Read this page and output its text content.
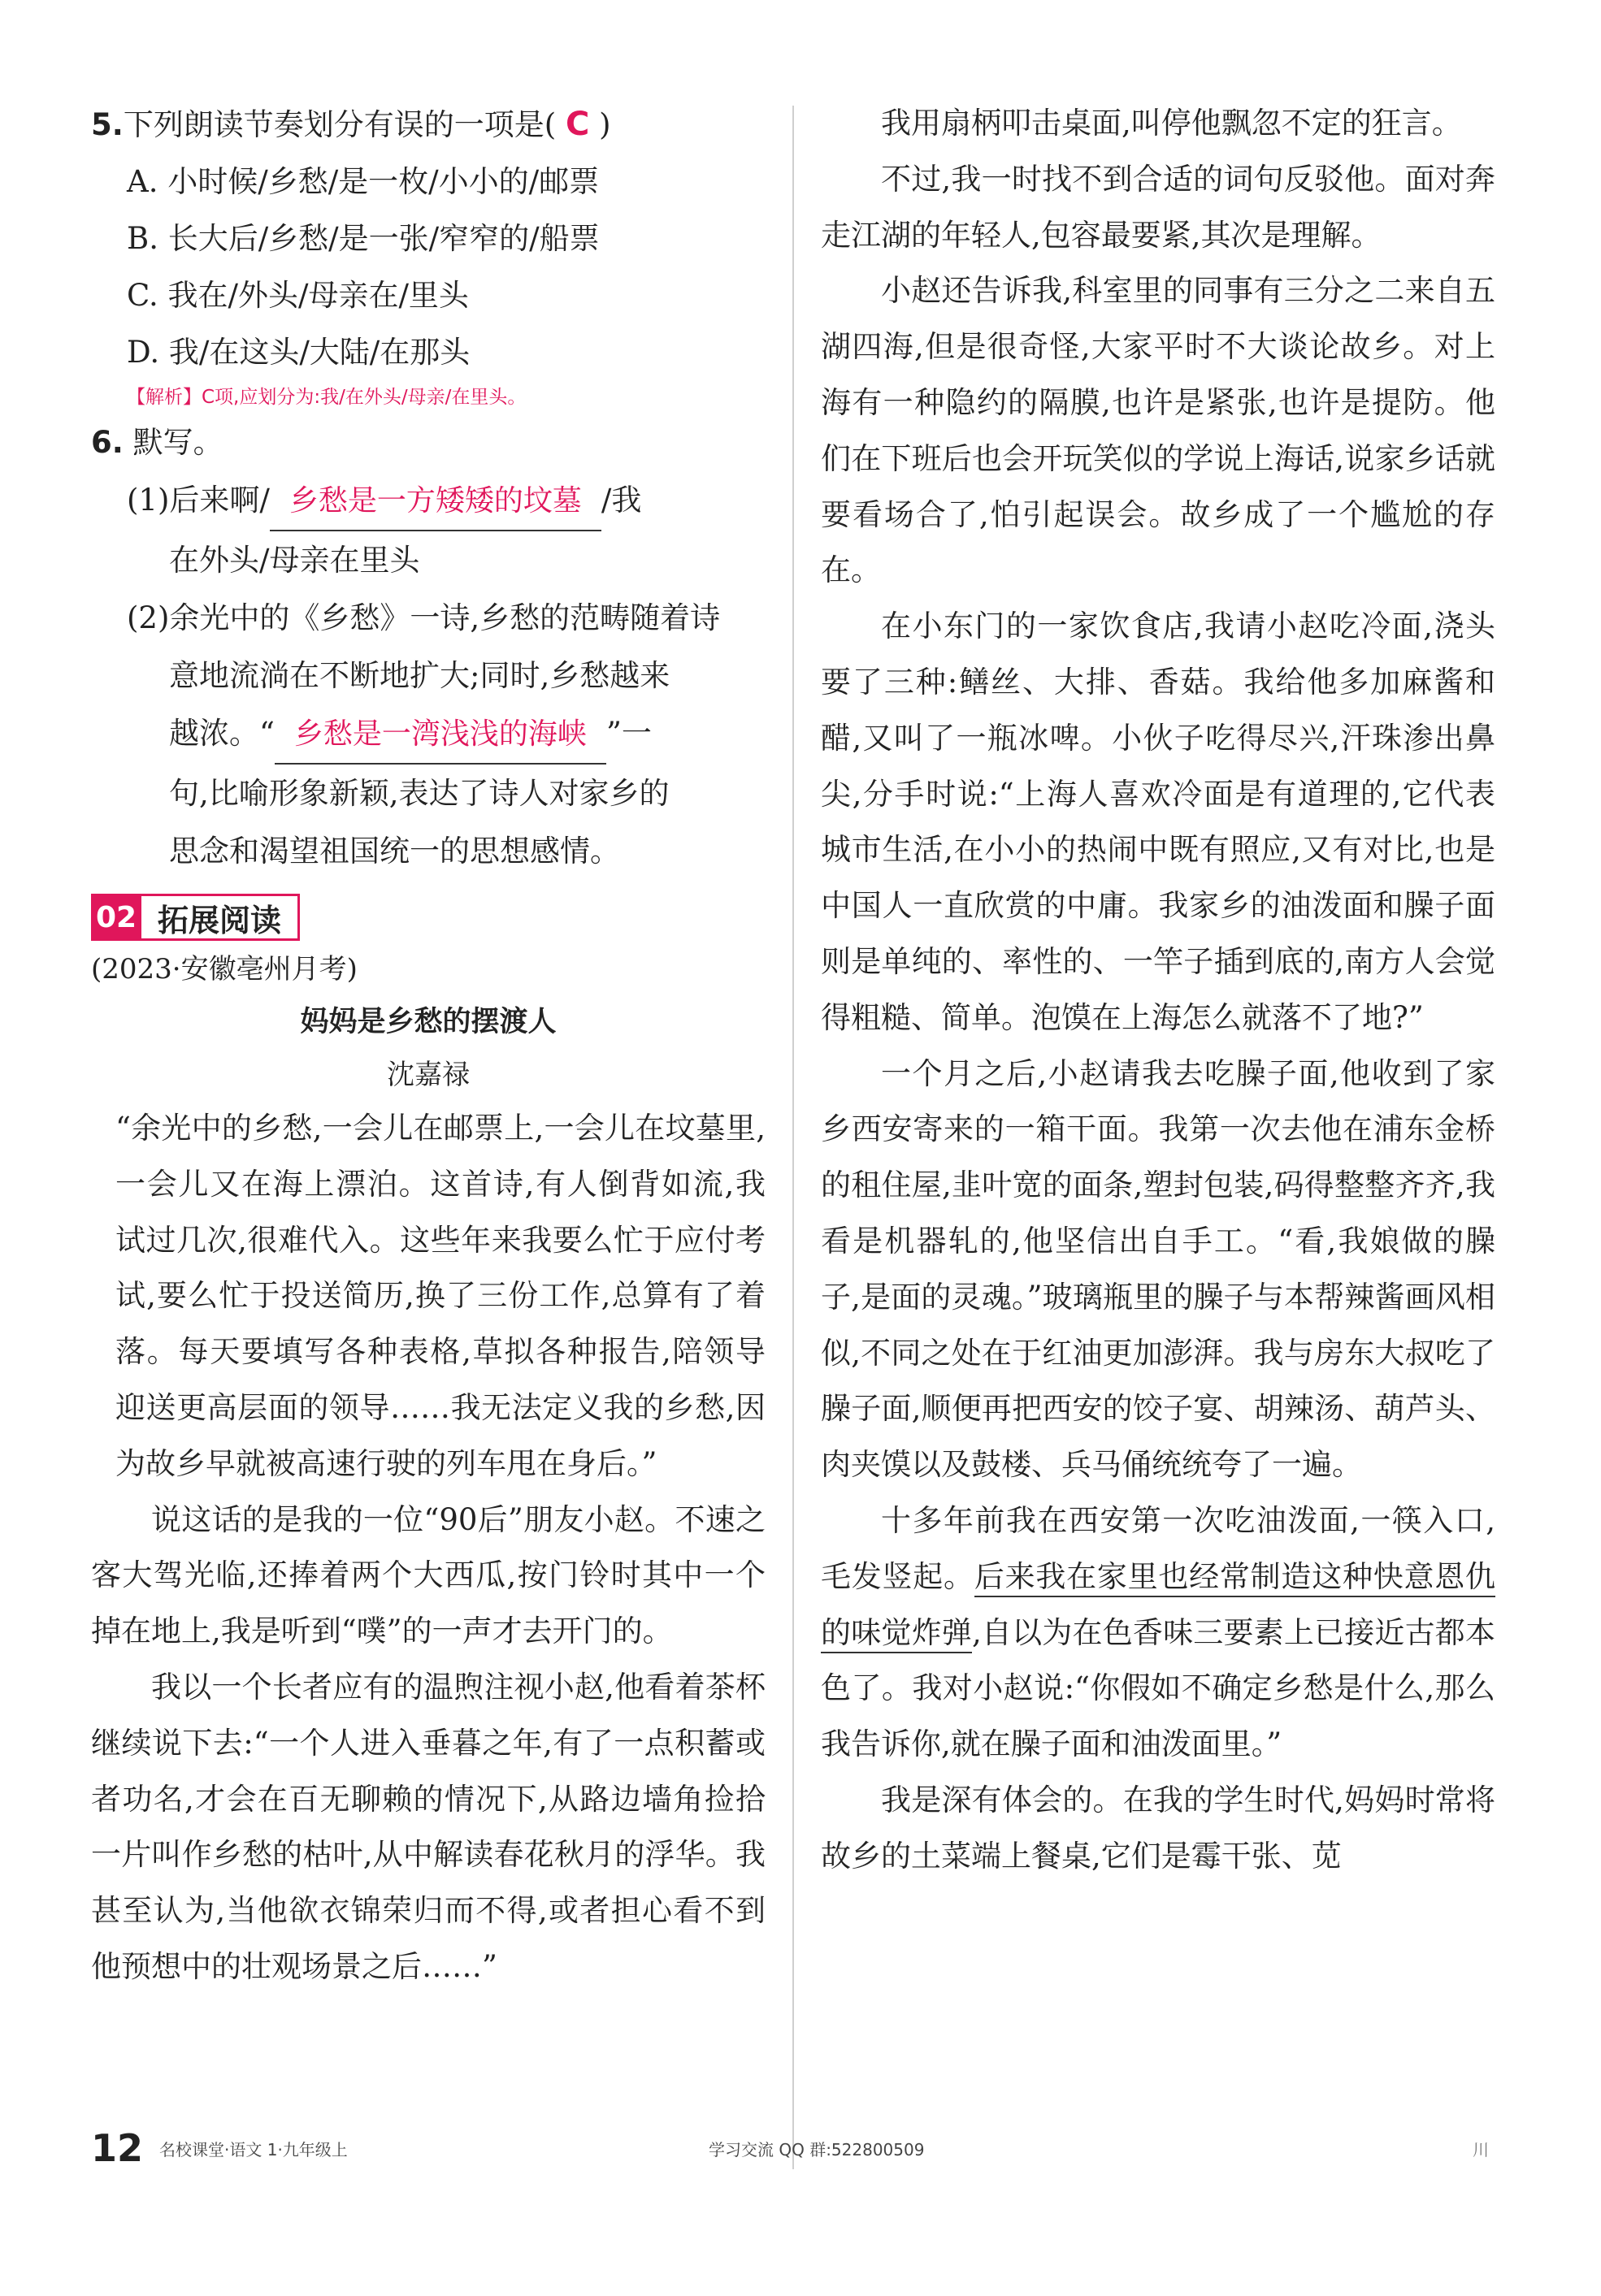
5.下列朗读节奏划分有误的一项是( C )
A. 小时候/乡愁/是一枚/小小的/邮票
B. 长大后/乡愁/是一张/窄窄的/船票
C. 我在/外头/母亲在/里头
D. 我/在这头/大陆/在那头
【解析】C项,应划分为:我/在外头/母亲/在里头。
6. 默写。
(1)后来啊/ 乡愁是一方矮矮的坟墓 /我
在外头/母亲在里头
(2)余光中的《乡愁》一诗,乡愁的范畴随着诗
意地流淌在不断地扩大;同时,乡愁越来
越浓。“ 乡愁是一湾浅浅的海峡 ”一
句,比喻形象新颖,表达了诗人对家乡的
思念和渴望祖国统一的思想感情。
02 拓展阅读
(2023·安徽亳州月考)
妈妈是乡愁的摆渡人
沈嘉禄

“余光中的乡愁,一会儿在邮票上,一会儿在坟墓里,一会儿又在海上漂泊。这首诗,有人倒背如流,我试过几次,很难代入。这些年来我要么忙于应付考试,要么忙于投送简历,换了三份工作,总算有了着落。每天要填写各种表格,草拟各种报告,陪领导迎送更高层面的领导……我无法定义我的乡愁,因为故乡早就被高速行驶的列车甩在身后。”

说这话的是我的一位“90后”朋友小赵。不速之客大驾光临,还捧着两个大西瓜,按门铃时其中一个掉在地上,我是听到“噗”的一声才去开门的。

我以一个长者应有的温煦注视小赵,他看着茶杯继续说下去:“一个人进入垂暮之年,有了一点积蓄或者功名,才会在百无聊赖的情况下,从路边墙角捡拾一片叫作乡愁的枯叶,从中解读春花秋月的浮华。我甚至认为,当他欲衣锦荣归而不得,或者担心看不到他预想中的壮观场景之后……”

我用扇柄叩击桌面,叫停他飘忽不定的狂言。

不过,我一时找不到合适的词句反驳他。面对奔走江湖的年轻人,包容最要紧,其次是理解。

小赵还告诉我,科室里的同事有三分之二来自五湖四海,但是很奇怪,大家平时不大谈论故乡。对上海有一种隐约的隔膜,也许是紧张,也许是提防。他们在下班后也会开玩笑似的学说上海话,说家乡话就要看场合了,怕引起误会。故乡成了一个尴尬的存在。

在小东门的一家饮食店,我请小赵吃冷面,浇头要了三种:鳝丝、大排、香菇。我给他多加麻酱和醋,又叫了一瓶冰啤。小伙子吃得尽兴,汗珠渗出鼻尖,分手时说:“上海人喜欢冷面是有道理的,它代表城市生活,在小小的热闹中既有照应,又有对比,也是中国人一直欣赏的中庸。我家乡的油泼面和臊子面则是单纯的、率性的、一竿子插到底的,南方人会觉得粗糙、简单。泡馍在上海怎么就落不了地?”

一个月之后,小赵请我去吃臊子面,他收到了家乡西安寄来的一箱干面。我第一次去他在浦东金桥的租住屋,韭叶宽的面条,塑封包装,码得整整齐齐,我看是机器轧的,他坚信出自手工。“看,我娘做的臊子,是面的灵魂。”玻璃瓶里的臊子与本帮辣酱画风相似,不同之处在于红油更加澎湃。我与房东大叔吃了臊子面,顺便再把西安的饺子宴、胡辣汤、葫芦头、肉夹馍以及鼓楼、兵马俑统统夸了一遍。

十多年前我在西安第一次吃油泼面,一筷入口,毛发竖起。后来我在家里也经常制造这种快意恩仇的味觉炸弹,自以为在色香味三要素上已接近古都本色了。我对小赵说:“你假如不确定乡愁是什么,那么我告诉你,就在臊子面和油泼面里。”

我是深有体会的。在我的学生时代,妈妈时常将故乡的土菜端上餐桌,它们是霉干张、苋

12 名校课堂·语文 1·九年级上	学习交流 QQ 群:522800509	川
